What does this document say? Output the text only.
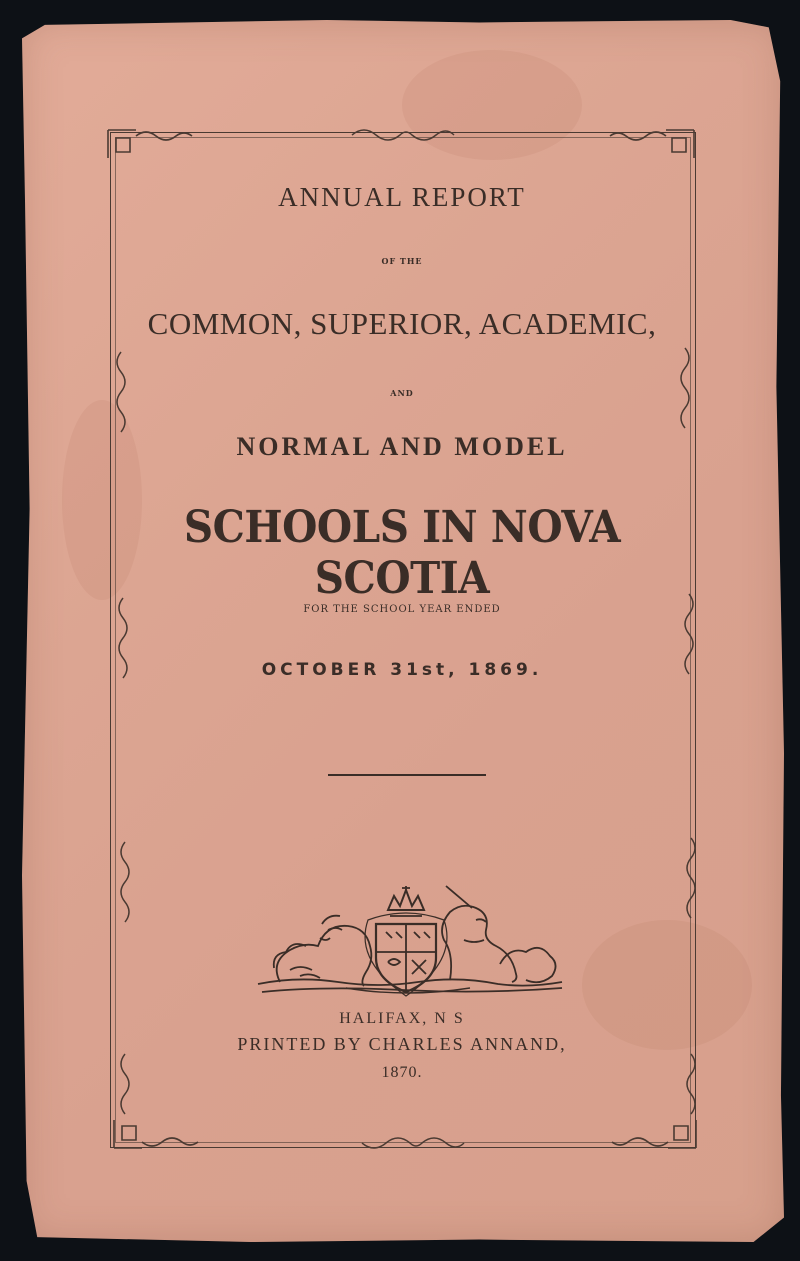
ANNUAL REPORT
OF THE
COMMON, SUPERIOR, ACADEMIC,
AND
NORMAL AND MODEL
SCHOOLS IN NOVA SCOTIA
FOR THE SCHOOL YEAR ENDED
OCTOBER 31st, 1869.
HALIFAX, N S
PRINTED BY CHARLES ANNAND,
1870.
